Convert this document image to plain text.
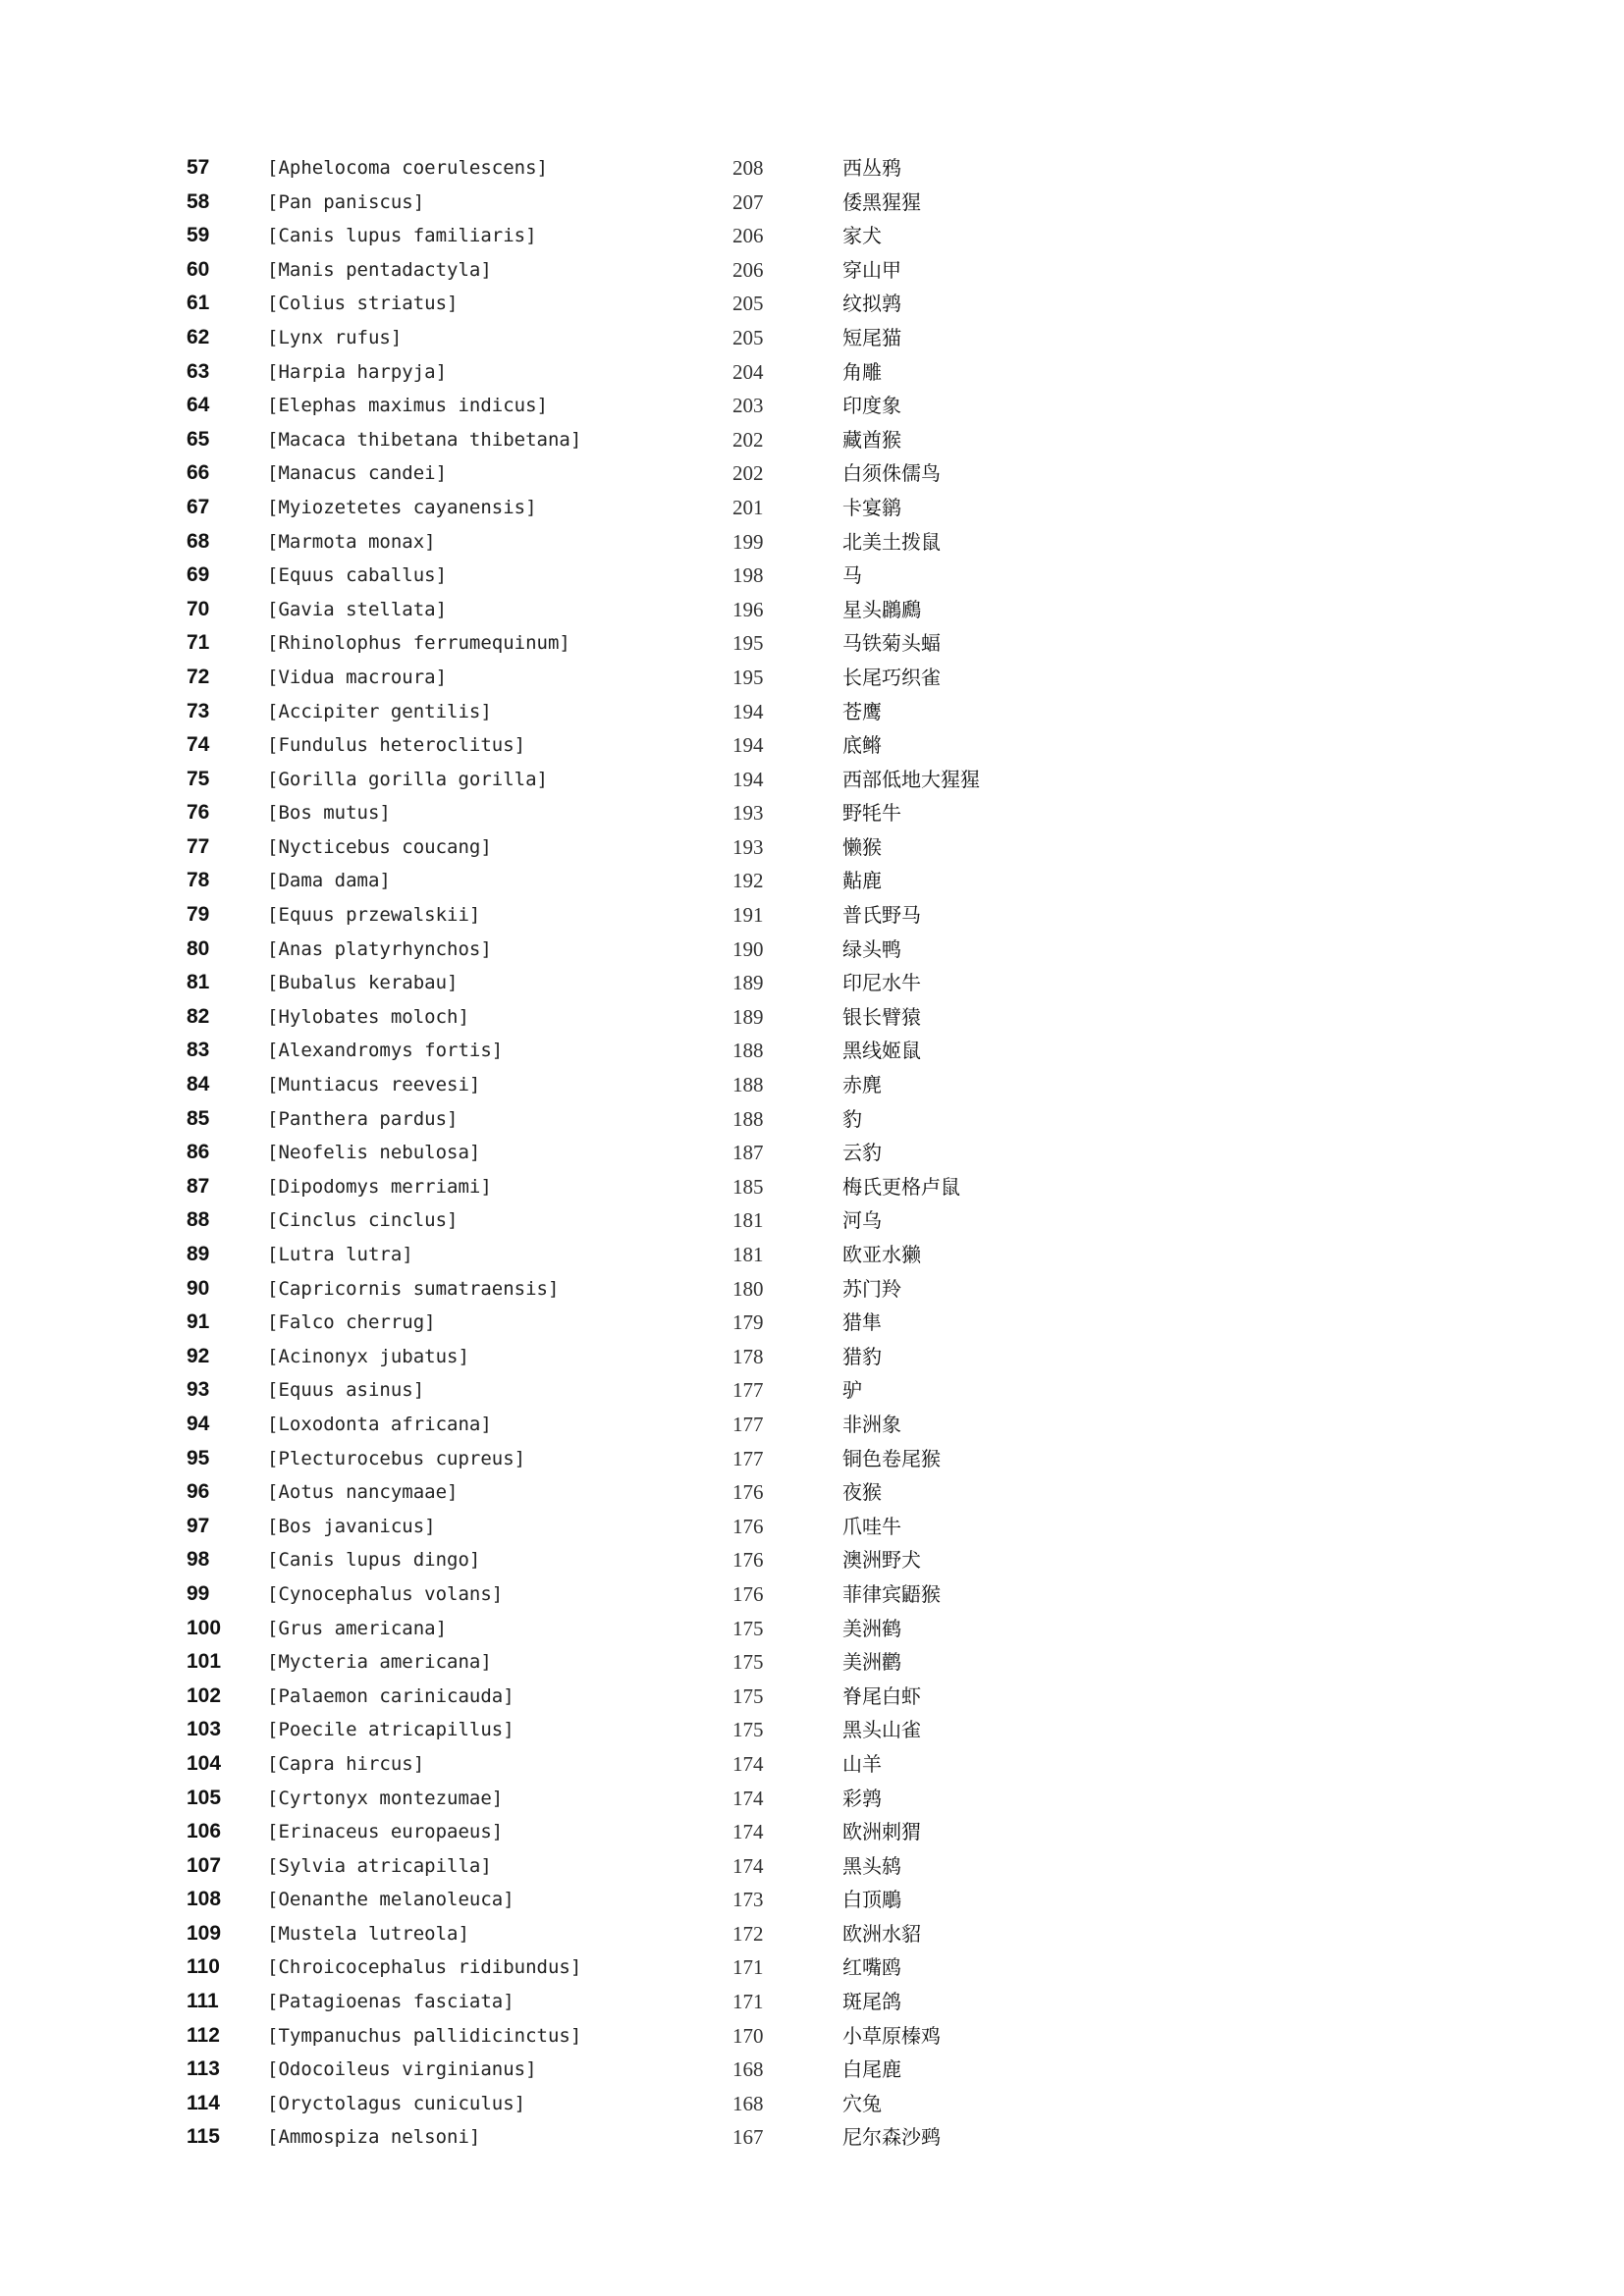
57	[Aphelocoma coerulescens]	208	西丛鸦
58	[Pan paniscus]	207	倭黑猩猩
59	[Canis lupus familiaris]	206	家犬
60	[Manis pentadactyla]	206	穿山甲
61	[Colius striatus]	205	纹拟鹑
62	[Lynx rufus]	205	短尾猫
63	[Harpia harpyja]	204	角雕
64	[Elephas maximus indicus]	203	印度象
65	[Macaca thibetana thibetana]	202	藏酋猴
66	[Manacus candei]	202	白须侏儒鸟
67	[Myiozetetes cayanensis]	201	卡宴鹟
68	[Marmota monax]	199	北美土拨鼠
69	[Equus caballus]	198	马
70	[Gavia stellata]	196	星头鸊鷉
71	[Rhinolophus ferrumequinum]	195	马铁菊头蝠
72	[Vidua macroura]	195	长尾巧织雀
73	[Accipiter gentilis]	194	苍鹰
74	[Fundulus heteroclitus]	194	底鳉
75	[Gorilla gorilla gorilla]	194	西部低地大猩猩
76	[Bos mutus]	193	野牦牛
77	[Nycticebus coucang]	193	懒猴
78	[Dama dama]	192	黇鹿
79	[Equus przewalskii]	191	普氏野马
80	[Anas platyrhynchos]	190	绿头鸭
81	[Bubalus kerabau]	189	印尼水牛
82	[Hylobates moloch]	189	银长臂猿
83	[Alexandromys fortis]	188	黑线姬鼠
84	[Muntiacus reevesi]	188	赤麂
85	[Panthera pardus]	188	豹
86	[Neofelis nebulosa]	187	云豹
87	[Dipodomys merriami]	185	梅氏更格卢鼠
88	[Cinclus cinclus]	181	河乌
89	[Lutra lutra]	181	欧亚水獭
90	[Capricornis sumatraensis]	180	苏门羚
91	[Falco cherrug]	179	猎隼
92	[Acinonyx jubatus]	178	猎豹
93	[Equus asinus]	177	驴
94	[Loxodonta africana]	177	非洲象
95	[Plecturocebus cupreus]	177	铜色卷尾猴
96	[Aotus nancymaae]	176	夜猴
97	[Bos javanicus]	176	爪哇牛
98	[Canis lupus dingo]	176	澳洲野犬
99	[Cynocephalus volans]	176	菲律宾鼯猴
100	[Grus americana]	175	美洲鹤
101	[Mycteria americana]	175	美洲鹳
102	[Palaemon carinicauda]	175	脊尾白虾
103	[Poecile atricapillus]	175	黑头山雀
104	[Capra hircus]	174	山羊
105	[Cyrtonyx montezumae]	174	彩鹑
106	[Erinaceus europaeus]	174	欧洲刺猬
107	[Sylvia atricapilla]	174	黑头鸫
108	[Oenanthe melanoleuca]	173	白顶鵰
109	[Mustela lutreola]	172	欧洲水貂
110	[Chroicocephalus ridibundus]	171	红嘴鸥
111	[Patagioenas fasciata]	171	斑尾鸽
112	[Tympanuchus pallidicinctus]	170	小草原榛鸡
113	[Odocoileus virginianus]	168	白尾鹿
114	[Oryctolagus cuniculus]	168	穴兔
115	[Ammospiza nelsoni]	167	尼尔森沙鹀
